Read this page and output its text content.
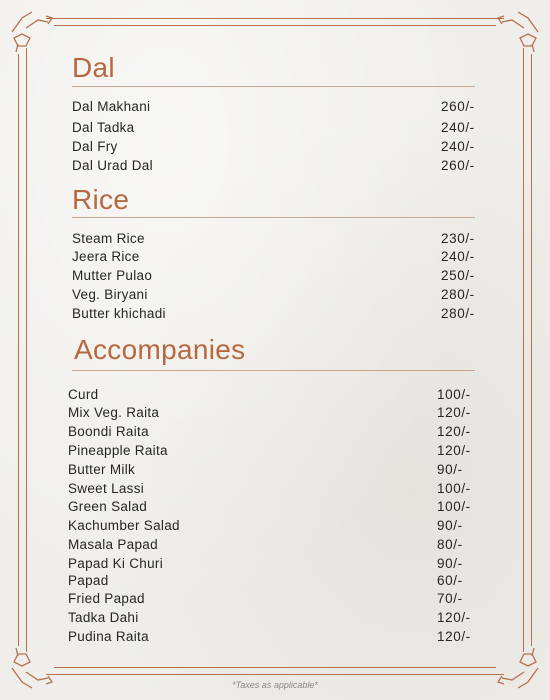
Dal
Dal Makhani	260/-
Dal Tadka	240/-
Dal Fry	240/-
Dal Urad Dal	260/-
Rice
Steam Rice	230/-
Jeera Rice	240/-
Mutter Pulao	250/-
Veg. Biryani	280/-
Butter khichadi	280/-
Accompanies
Curd	100/-
Mix Veg. Raita	120/-
Boondi Raita	120/-
Pineapple Raita	120/-
Butter Milk	90/-
Sweet Lassi	100/-
Green Salad	100/-
Kachumber Salad	90/-
Masala Papad	80/-
Papad Ki Churi	90/-
Papad	60/-
Fried Papad	70/-
Tadka Dahi	120/-
Pudina Raita	120/-
*Taxes as applicable*
